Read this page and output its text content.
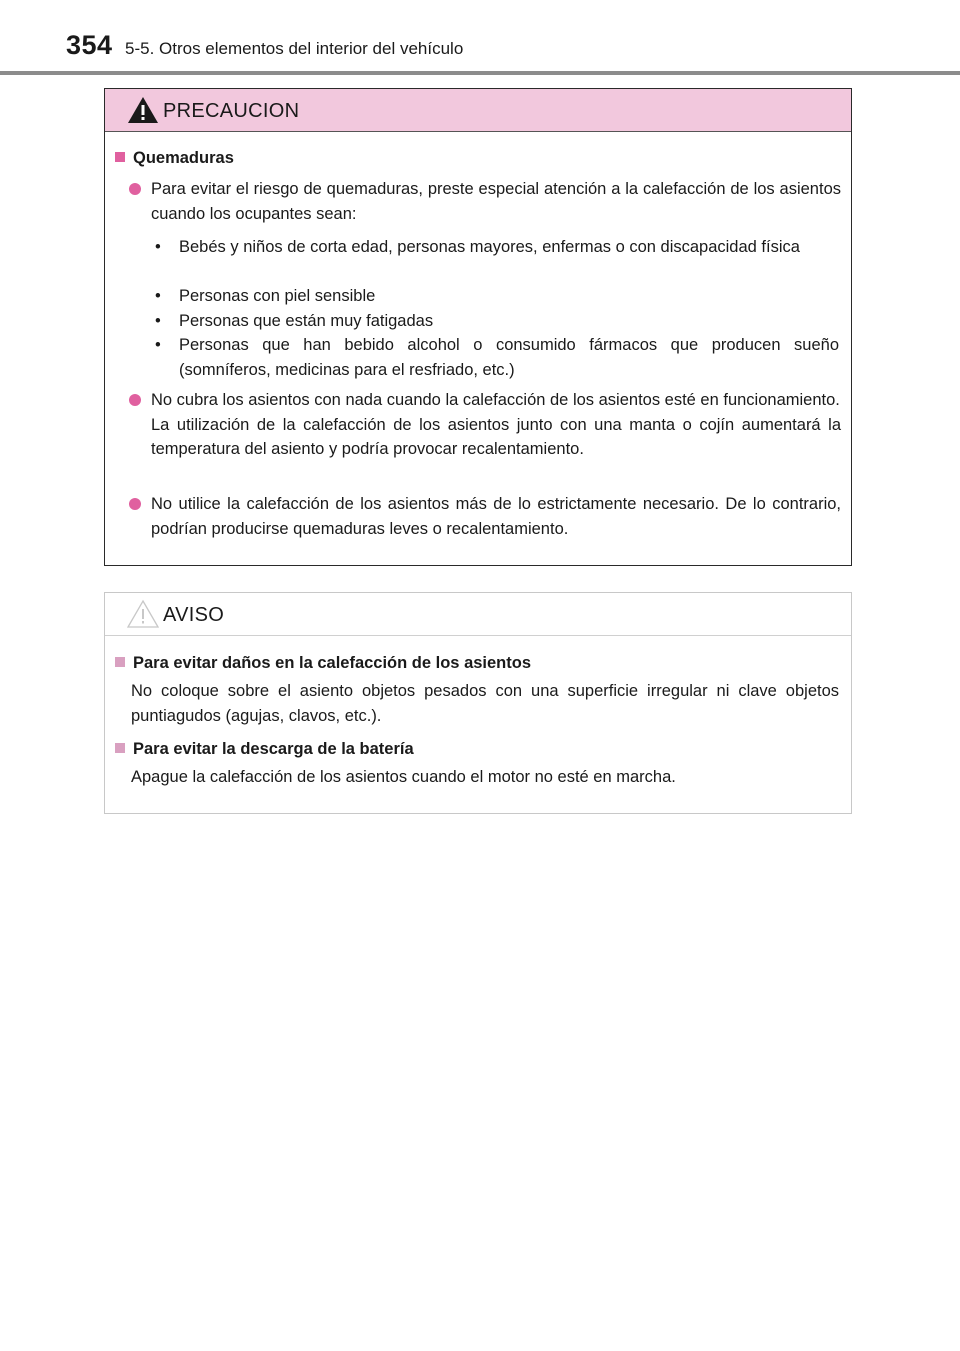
354 5-5. Otros elementos del interior del vehículo
PRECAUCION
Quemaduras
Para evitar el riesgo de quemaduras, preste especial atención a la calefacción de los asientos cuando los ocupantes sean:
•	Bebés y niños de corta edad, personas mayores, enfermas o con discapacidad física
•	Personas con piel sensible
•	Personas que están muy fatigadas
•	Personas que han bebido alcohol o consumido fármacos que producen sueño (somníferos, medicinas para el resfriado, etc.)
No cubra los asientos con nada cuando la calefacción de los asientos esté en funcionamiento.
La utilización de la calefacción de los asientos junto con una manta o cojín aumentará la temperatura del asiento y podría provocar recalentamiento.
No utilice la calefacción de los asientos más de lo estrictamente necesario. De lo contrario, podrían producirse quemaduras leves o recalentamiento.
AVISO
Para evitar daños en la calefacción de los asientos
No coloque sobre el asiento objetos pesados con una superficie irregular ni clave objetos puntiagudos (agujas, clavos, etc.).
Para evitar la descarga de la batería
Apague la calefacción de los asientos cuando el motor no esté en marcha.
